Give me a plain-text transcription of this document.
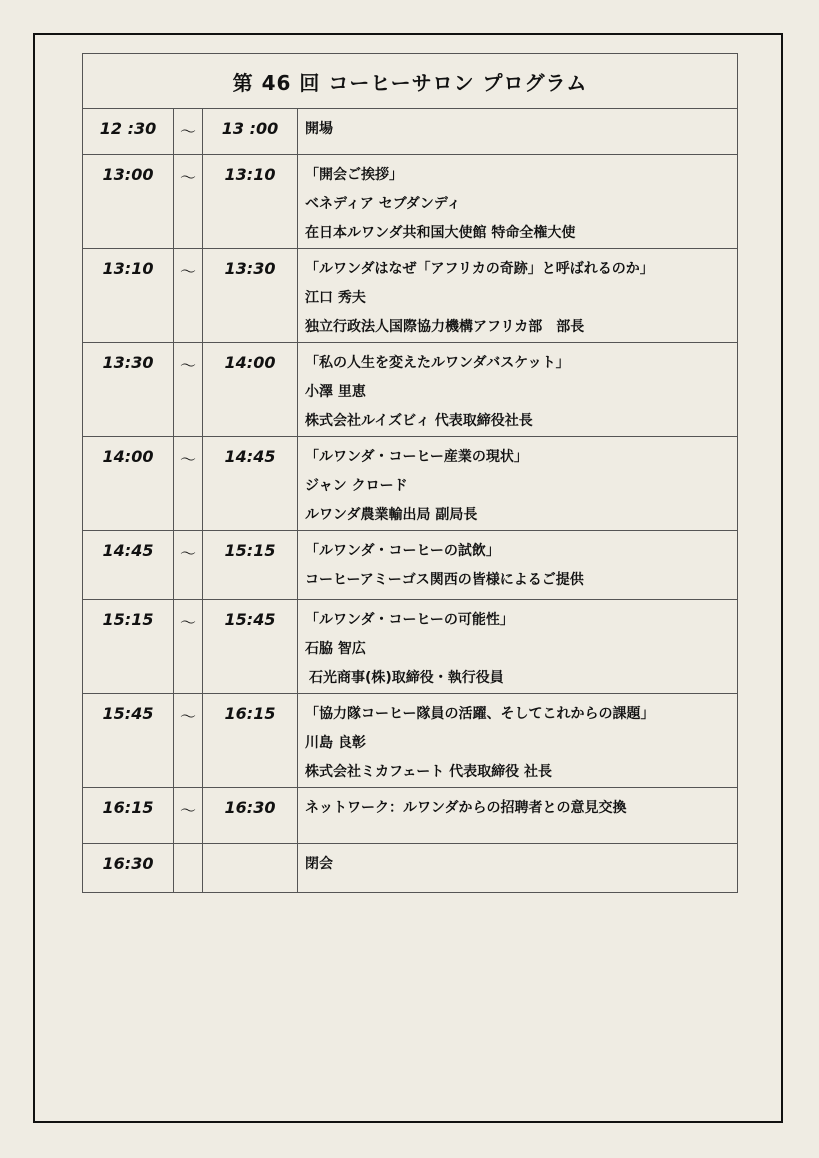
第 46 回 コーヒーサロン プログラム			
12 :30	～	13 :00	開場

13:00	～	13:10	「開会ご挨拶」
ベネディア セブダンディ
在日本ルワンダ共和国大使館 特命全権大使

13:10	～	13:30	「ルワンダはなぜ「アフリカの奇跡」と呼ばれるのか」
江口 秀夫
独立行政法人国際協力機構アフリカ部　部長

13:30	～	14:00	「私の人生を変えたルワンダバスケット」
小澤 里恵
株式会社ルイズビィ 代表取締役社長

14:00	～	14:45	「ルワンダ・コーヒー産業の現状」
ジャン クロード
ルワンダ農業輸出局 副局長

14:45	～	15:15	「ルワンダ・コーヒーの試飲」
コーヒーアミーゴス関西の皆様によるご提供

15:15	～	15:45	「ルワンダ・コーヒーの可能性」
石脇 智広
石光商事(株)取締役・執行役員

15:45	～	16:15	「協力隊コーヒー隊員の活躍、そしてこれからの課題」
川島 良彰
株式会社ミカフェート 代表取締役 社長

16:15	～	16:30	ネットワーク：ルワンダからの招聘者との意見交換

16:30			閉会
